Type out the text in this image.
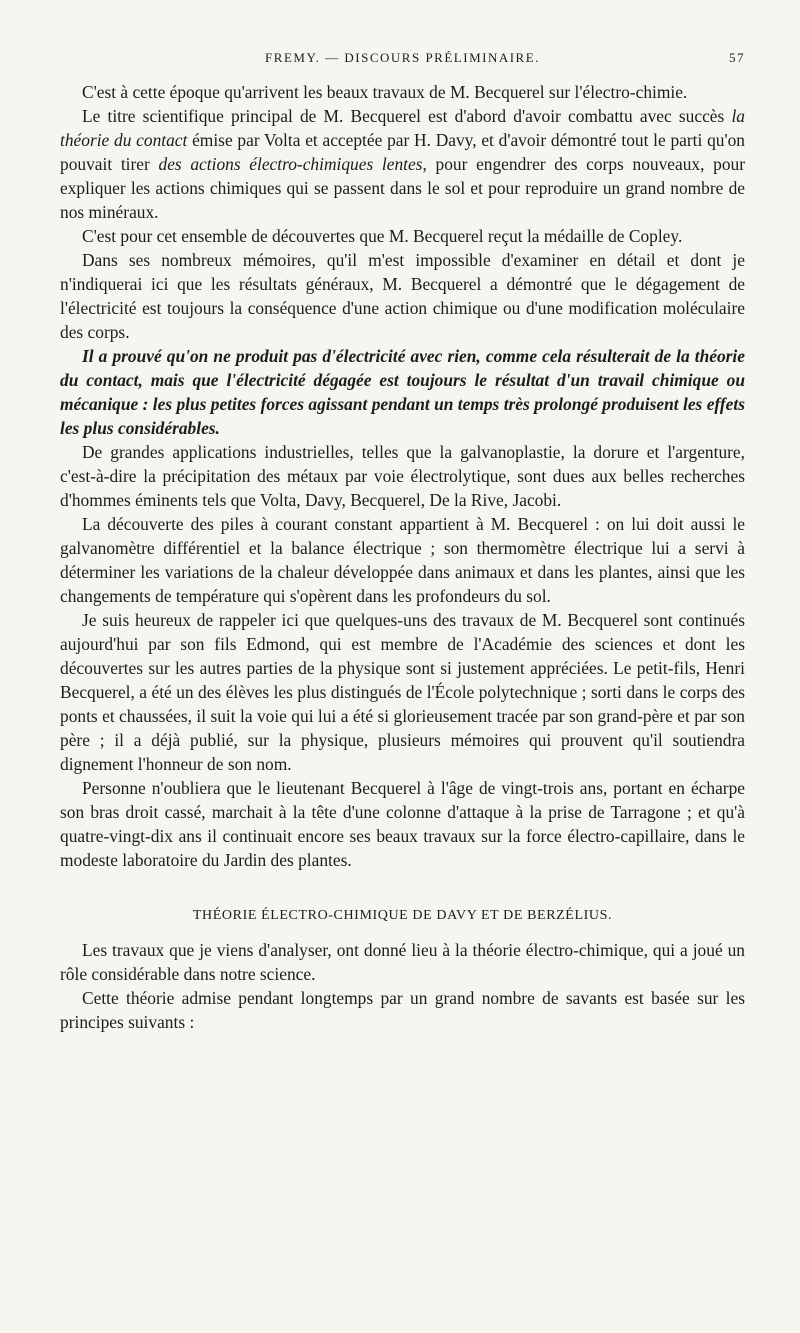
FREMY. — DISCOURS PRÉLIMINAIRE.	57

C'est à cette époque qu'arrivent les beaux travaux de M. Becquerel sur l'électro-chimie.

Le titre scientifique principal de M. Becquerel est d'abord d'avoir combattu avec succès la théorie du contact émise par Volta et acceptée par H. Davy, et d'avoir démontré tout le parti qu'on pouvait tirer des actions électro-chimiques lentes, pour engendrer des corps nouveaux, pour expliquer les actions chimiques qui se passent dans le sol et pour reproduire un grand nombre de nos minéraux.

C'est pour cet ensemble de découvertes que M. Becquerel reçut la médaille de Copley.

Dans ses nombreux mémoires, qu'il m'est impossible d'examiner en détail et dont je n'indiquerai ici que les résultats généraux, M. Becquerel a démontré que le dégagement de l'électricité est toujours la conséquence d'une action chimique ou d'une modification moléculaire des corps.

Il a prouvé qu'on ne produit pas d'électricité avec rien, comme cela résulterait de la théorie du contact, mais que l'électricité dégagée est toujours le résultat d'un travail chimique ou mécanique : les plus petites forces agissant pendant un temps très prolongé produisent les effets les plus considérables.

De grandes applications industrielles, telles que la galvanoplastie, la dorure et l'argenture, c'est-à-dire la précipitation des métaux par voie électrolytique, sont dues aux belles recherches d'hommes éminents tels que Volta, Davy, Becquerel, De la Rive, Jacobi.

La découverte des piles à courant constant appartient à M. Becquerel : on lui doit aussi le galvanomètre différentiel et la balance électrique ; son thermomètre électrique lui a servi à déterminer les variations de la chaleur développée dans animaux et dans les plantes, ainsi que les changements de température qui s'opèrent dans les profondeurs du sol.

Je suis heureux de rappeler ici que quelques-uns des travaux de M. Becquerel sont continués aujourd'hui par son fils Edmond, qui est membre de l'Académie des sciences et dont les découvertes sur les autres parties de la physique sont si justement appréciées. Le petit-fils, Henri Becquerel, a été un des élèves les plus distingués de l'École polytechnique ; sorti dans le corps des ponts et chaussées, il suit la voie qui lui a été si glorieusement tracée par son grand-père et par son père ; il a déjà publié, sur la physique, plusieurs mémoires qui prouvent qu'il soutiendra dignement l'honneur de son nom.

Personne n'oubliera que le lieutenant Becquerel à l'âge de vingt-trois ans, portant en écharpe son bras droit cassé, marchait à la tête d'une colonne d'attaque à la prise de Tarragone ; et qu'à quatre-vingt-dix ans il continuait encore ses beaux travaux sur la force électro-capillaire, dans le modeste laboratoire du Jardin des plantes.

THÉORIE ÉLECTRO-CHIMIQUE DE DAVY ET DE BERZÉLIUS.

Les travaux que je viens d'analyser, ont donné lieu à la théorie électro-chimique, qui a joué un rôle considérable dans notre science.

Cette théorie admise pendant longtemps par un grand nombre de savants est basée sur les principes suivants :
